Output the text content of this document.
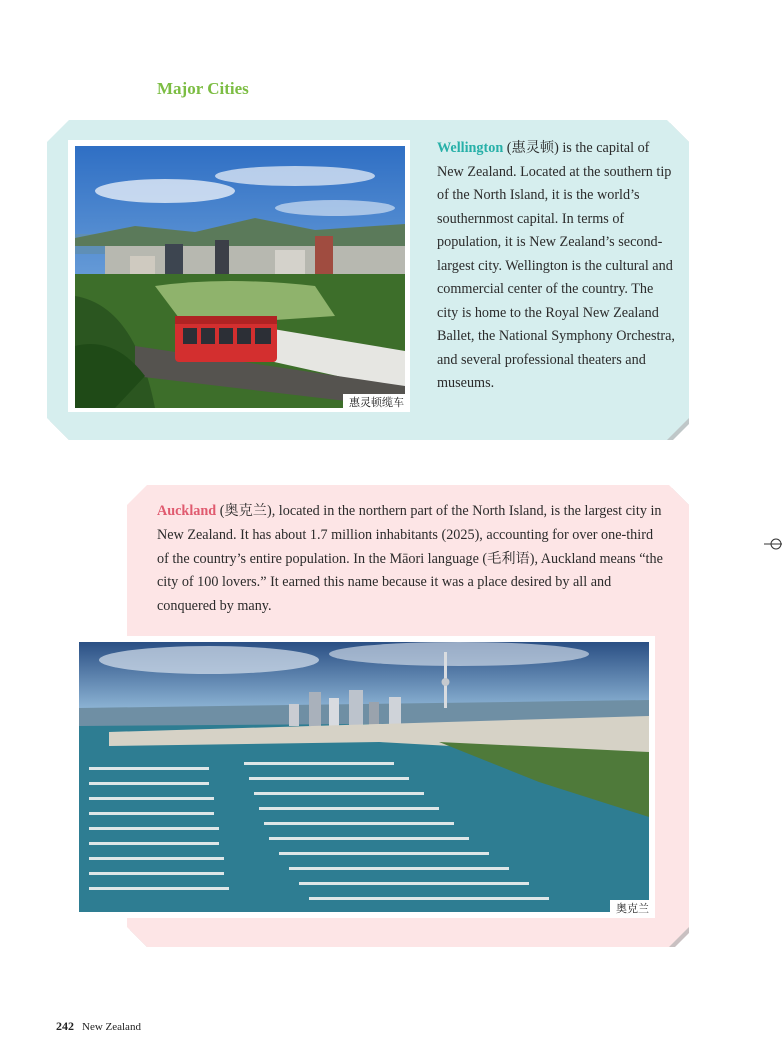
Major Cities
惠灵顿缆车

Wellington (惠灵顿) is the capital of New Zealand. Located at the southern tip of the North Island, it is the world’s southernmost capital. In terms of population, it is New Zealand’s second-largest city. Wellington is the cultural and commercial center of the country. The city is home to the Royal New Zealand Ballet, the National Symphony Orchestra, and several professional theaters and museums.

Auckland (奥克兰), located in the northern part of the North Island, is the largest city in New Zealand. It has about 1.7 million inhabitants (2025), accounting for over one-third of the country’s entire population. In the Māori language (毛利语), Auckland means “the city of 100 lovers.” It earned this name because it was a place desired by all and conquered by many.

奥克兰
242 New Zealand
